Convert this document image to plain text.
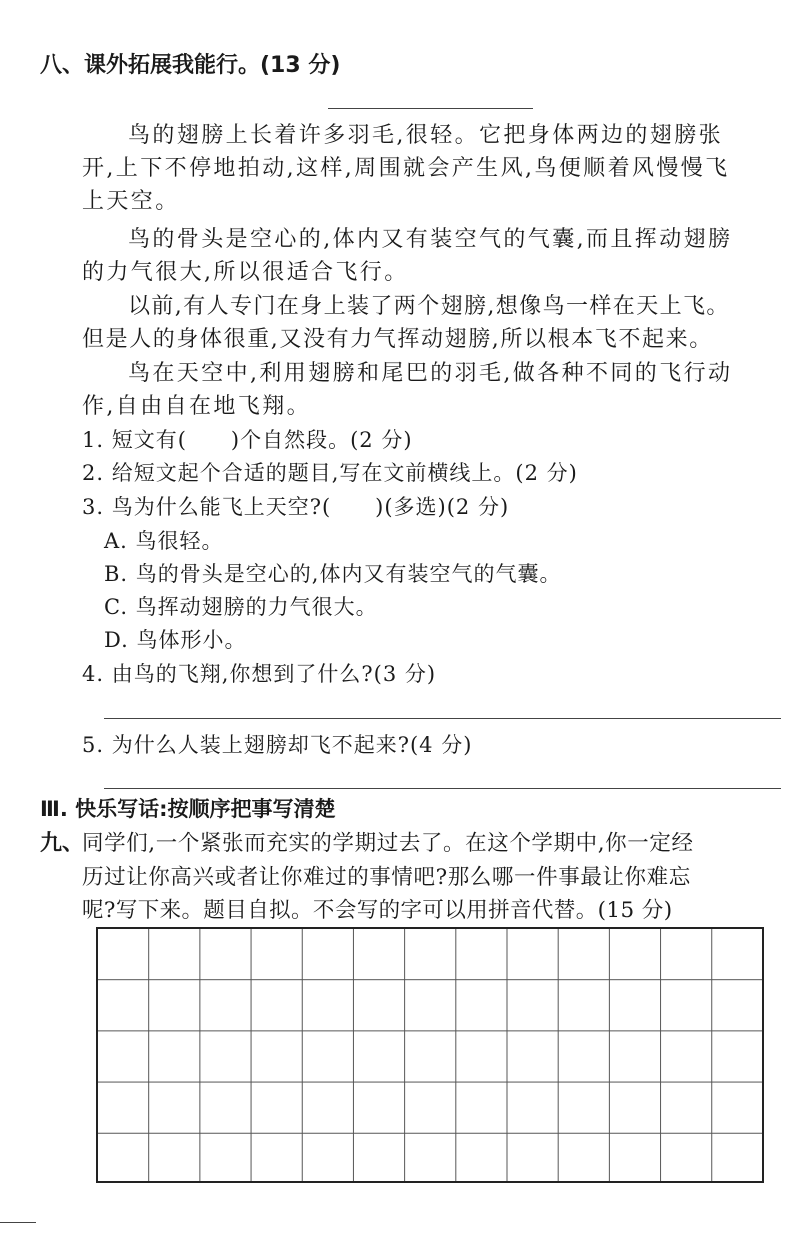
八、课外拓展我能行。(13 分)
鸟的翅膀上长着许多羽毛,很轻。它把身体两边的翅膀张
开,上下不停地拍动,这样,周围就会产生风,鸟便顺着风慢慢飞
上天空。
鸟的骨头是空心的,体内又有装空气的气囊,而且挥动翅膀
的力气很大,所以很适合飞行。
以前,有人专门在身上装了两个翅膀,想像鸟一样在天上飞。
但是人的身体很重,又没有力气挥动翅膀,所以根本飞不起来。
鸟在天空中,利用翅膀和尾巴的羽毛,做各种不同的飞行动
作,自由自在地飞翔。
1. 短文有(　　)个自然段。(2 分)
2. 给短文起个合适的题目,写在文前横线上。(2 分)
3. 鸟为什么能飞上天空?(　　)(多选)(2 分)
A. 鸟很轻。
B. 鸟的骨头是空心的,体内又有装空气的气囊。
C. 鸟挥动翅膀的力气很大。
D. 鸟体形小。
4. 由鸟的飞翔,你想到了什么?(3 分)
5. 为什么人装上翅膀却飞不起来?(4 分)
Ⅲ. 快乐写话:按顺序把事写清楚
九、
同学们,一个紧张而充实的学期过去了。在这个学期中,你一定经
历过让你高兴或者让你难过的事情吧?那么哪一件事最让你难忘
呢?写下来。题目自拟。不会写的字可以用拼音代替。(15 分)
